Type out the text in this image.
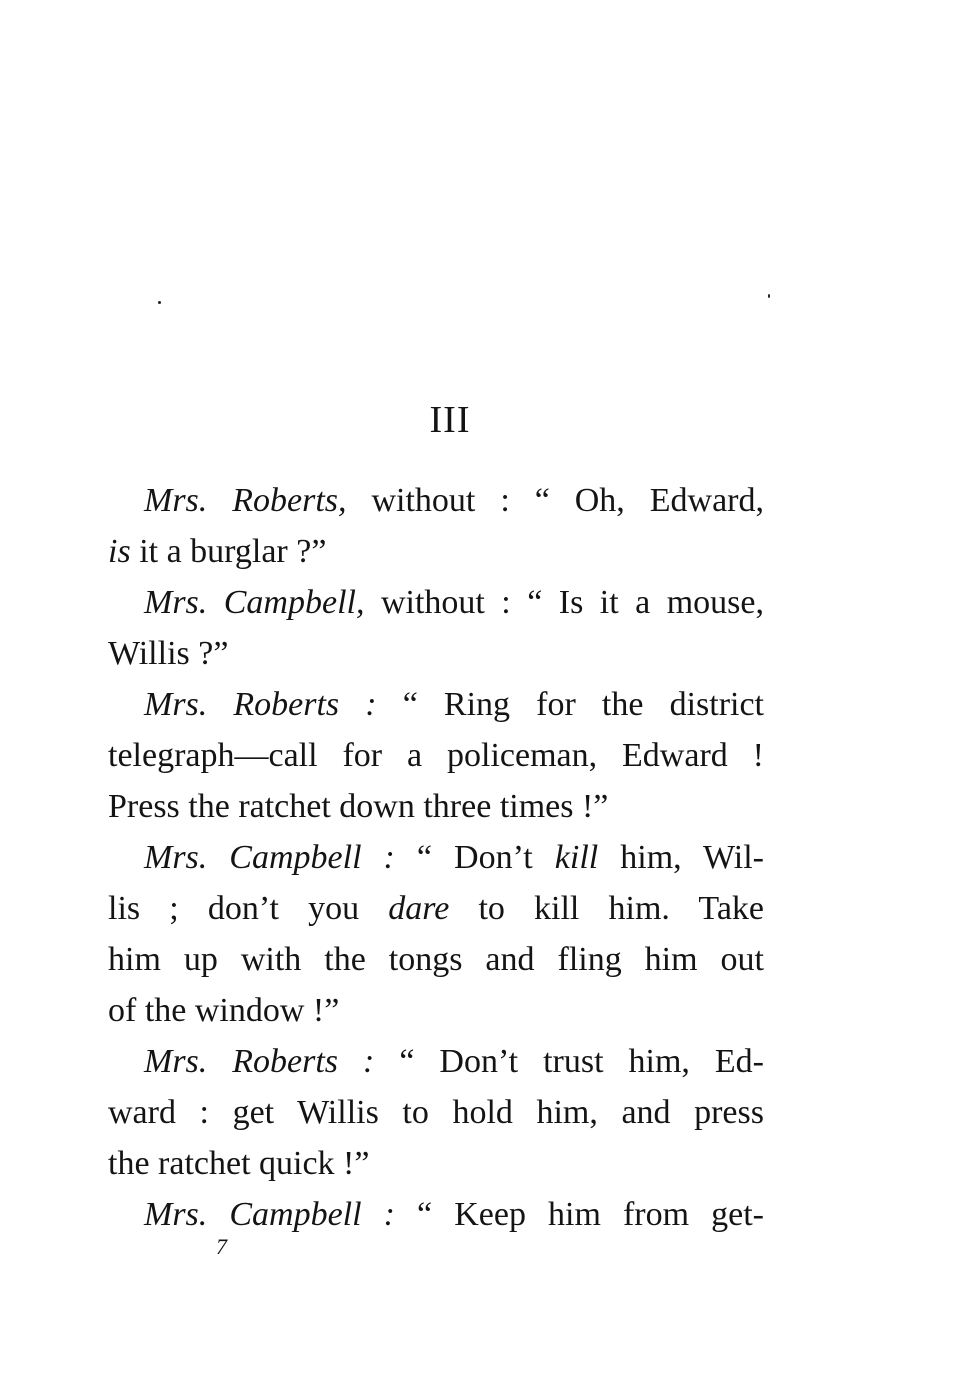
III

Mrs. Roberts, without : “ Oh, Edward,
is it a burglar ?”

Mrs. Campbell, without : “ Is it a mouse,
Willis ?”

Mrs. Roberts : “ Ring for the district
telegraph—call for a policeman, Edward !
Press the ratchet down three times !”

Mrs. Campbell : “ Don’t kill him, Wil-
lis ; don’t you dare to kill him. Take
him up with the tongs and fling him out
of the window !”

Mrs. Roberts : “ Don’t trust him, Ed-
ward : get Willis to hold him, and press
the ratchet quick !”

Mrs. Campbell : “ Keep him from get-

7
